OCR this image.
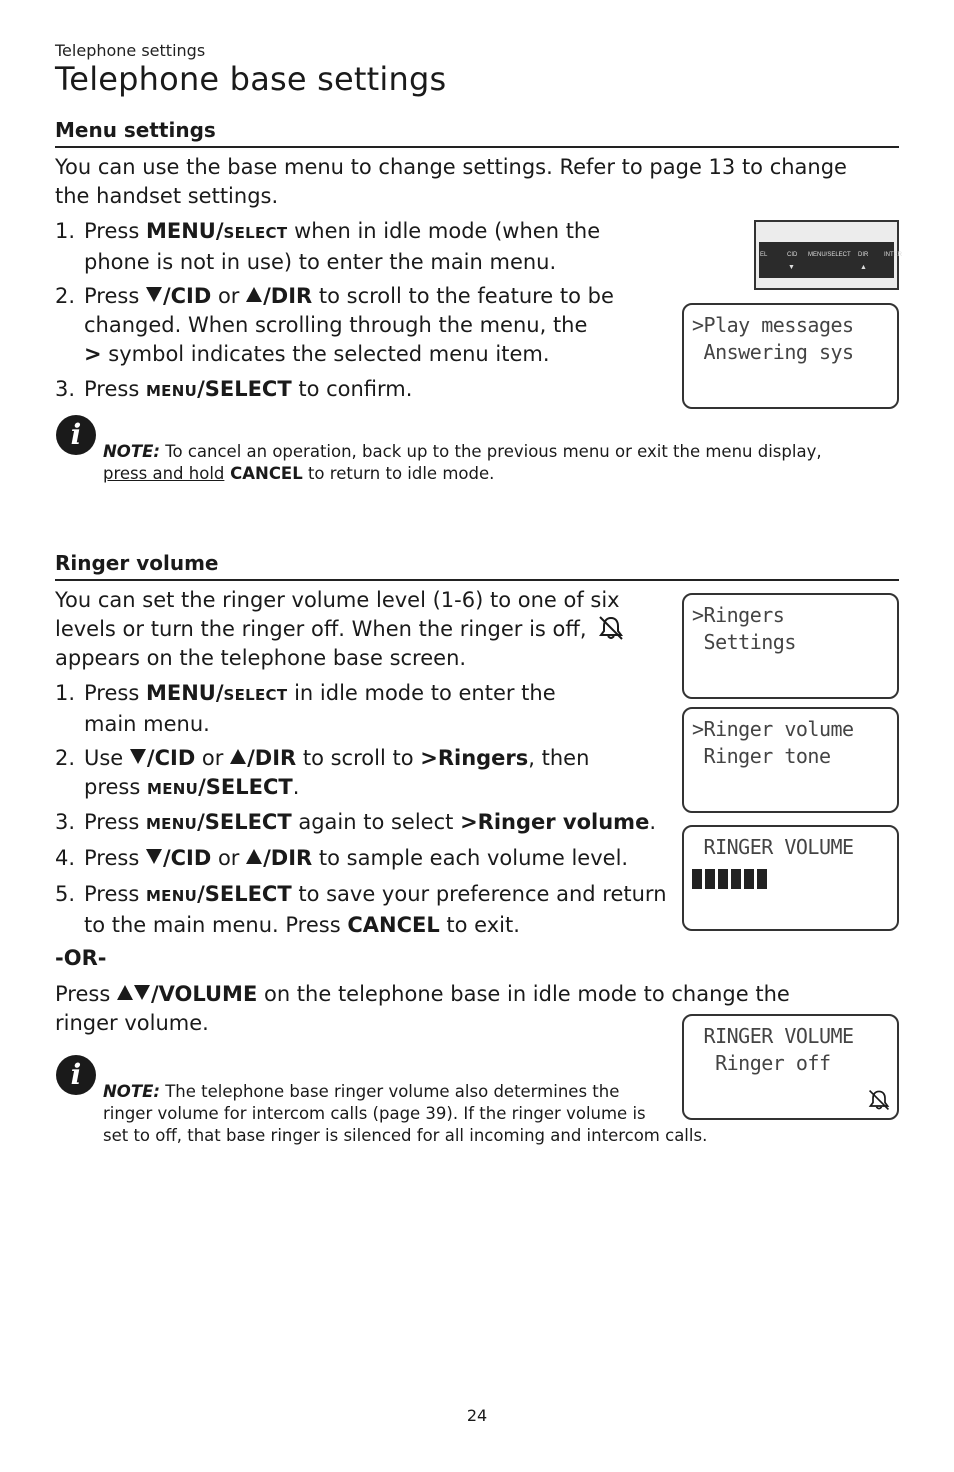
Telephone settings
Telephone base settings
Menu settings
You can use the base menu to change settings. Refer to page 13 to change
the handset settings.
1. Press MENU/SELECT when in idle mode (when the
phone is not in use) to enter the main menu.
2. Press /CID or /DIR to scroll to the feature to be
changed. When scrolling through the menu, the
> symbol indicates the selected menu item.
3. Press MENU/SELECT to confirm.
EL	CID MENU/SELECT DIR	INTER
▼	▲
>Play messages
Answering sys
i
NOTE: To cancel an operation, back up to the previous menu or exit the menu display,
press and hold CANCEL to return to idle mode.
Ringer volume
You can set the ringer volume level (1-6) to one of six
levels or turn the ringer off. When the ringer is off,
appears on the telephone base screen.
1. Press MENU/SELECT in idle mode to enter the
main menu.
2. Use /CID or /DIR to scroll to >Ringers, then
press MENU/SELECT.
3. Press MENU/SELECT again to select >Ringer volume.
4. Press /CID or /DIR to sample each volume level.
5. Press MENU/SELECT to save your preference and return
to the main menu. Press CANCEL to exit.
-OR-
Press /VOLUME on the telephone base in idle mode to change the
ringer volume.
>Ringers
Settings
>Ringer volume
Ringer tone
RINGER VOLUME
RINGER VOLUME
Ringer off
i
NOTE: The telephone base ringer volume also determines the
ringer volume for intercom calls (page 39). If the ringer volume is
set to off, that base ringer is silenced for all incoming and intercom calls.
24
